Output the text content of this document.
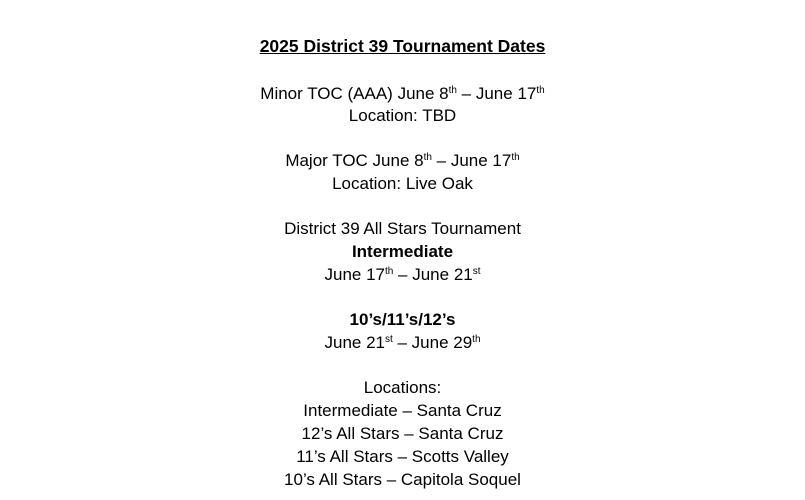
2025 District 39 Tournament Dates
Minor TOC (AAA) June 8th – June 17th
Location: TBD
Major TOC June 8th – June 17th
Location: Live Oak
District 39 All Stars Tournament
Intermediate
June 17th – June 21st
10’s/11’s/12’s
June 21st – June 29th
Locations:
Intermediate – Santa Cruz
12’s All Stars – Santa Cruz
11’s All Stars – Scotts Valley
10’s All Stars – Capitola Soquel
